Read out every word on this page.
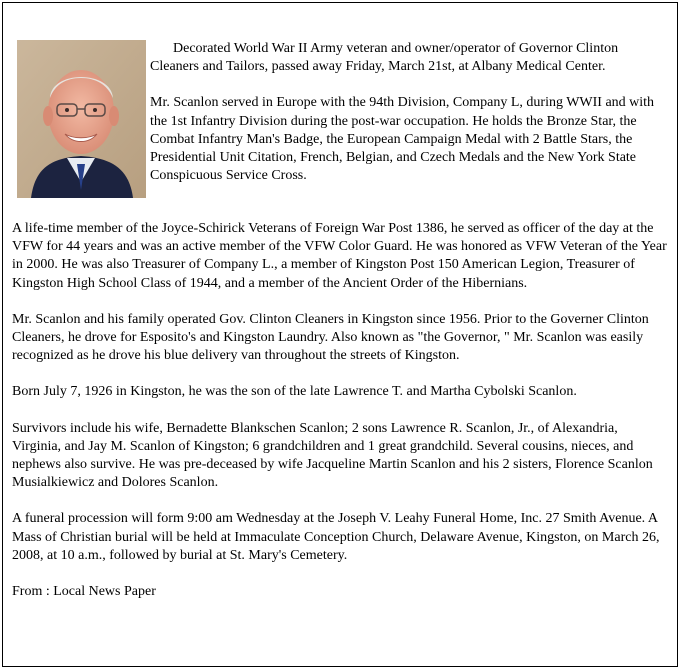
Decorated World War II Army veteran and owner/operator of Governor Clinton Cleaners and Tailors, passed away Friday, March 21st, at Albany Medical Center.

Mr. Scanlon served in Europe with the 94th Division, Company L, during WWII and with the 1st Infantry Division during the post-war occupation. He holds the Bronze Star, the Combat Infantry Man's Badge, the European Campaign Medal with 2 Battle Stars, the Presidential Unit Citation, French, Belgian, and Czech Medals and the New York State Conspicuous Service Cross.

A life-time member of the Joyce-Schirick Veterans of Foreign War Post 1386, he served as officer of the day at the VFW for 44 years and was an active member of the VFW Color Guard. He was honored as VFW Veteran of the Year in 2000. He was also Treasurer of Company L., a member of Kingston Post 150 American Legion, Treasurer of Kingston High School Class of 1944, and a member of the Ancient Order of the Hibernians.

Mr. Scanlon and his family operated Gov. Clinton Cleaners in Kingston since 1956. Prior to the Governer Clinton Cleaners, he drove for Esposito's and Kingston Laundry. Also known as "the Governor, " Mr. Scanlon was easily recognized as he drove his blue delivery van throughout the streets of Kingston.

Born July 7, 1926 in Kingston, he was the son of the late Lawrence T. and Martha Cybolski Scanlon.

Survivors include his wife, Bernadette Blankschen Scanlon; 2 sons Lawrence R. Scanlon, Jr., of Alexandria, Virginia, and Jay M. Scanlon of Kingston; 6 grandchildren and 1 great grandchild. Several cousins, nieces, and nephews also survive. He was pre-deceased by wife Jacqueline Martin Scanlon and his 2 sisters, Florence Scanlon Musialkiewicz and Dolores Scanlon.

A funeral procession will form 9:00 am Wednesday at the Joseph V. Leahy Funeral Home, Inc. 27 Smith Avenue. A Mass of Christian burial will be held at Immaculate Conception Church, Delaware Avenue, Kingston, on March 26, 2008, at 10 a.m., followed by burial at St. Mary's Cemetery.

From : Local News Paper
